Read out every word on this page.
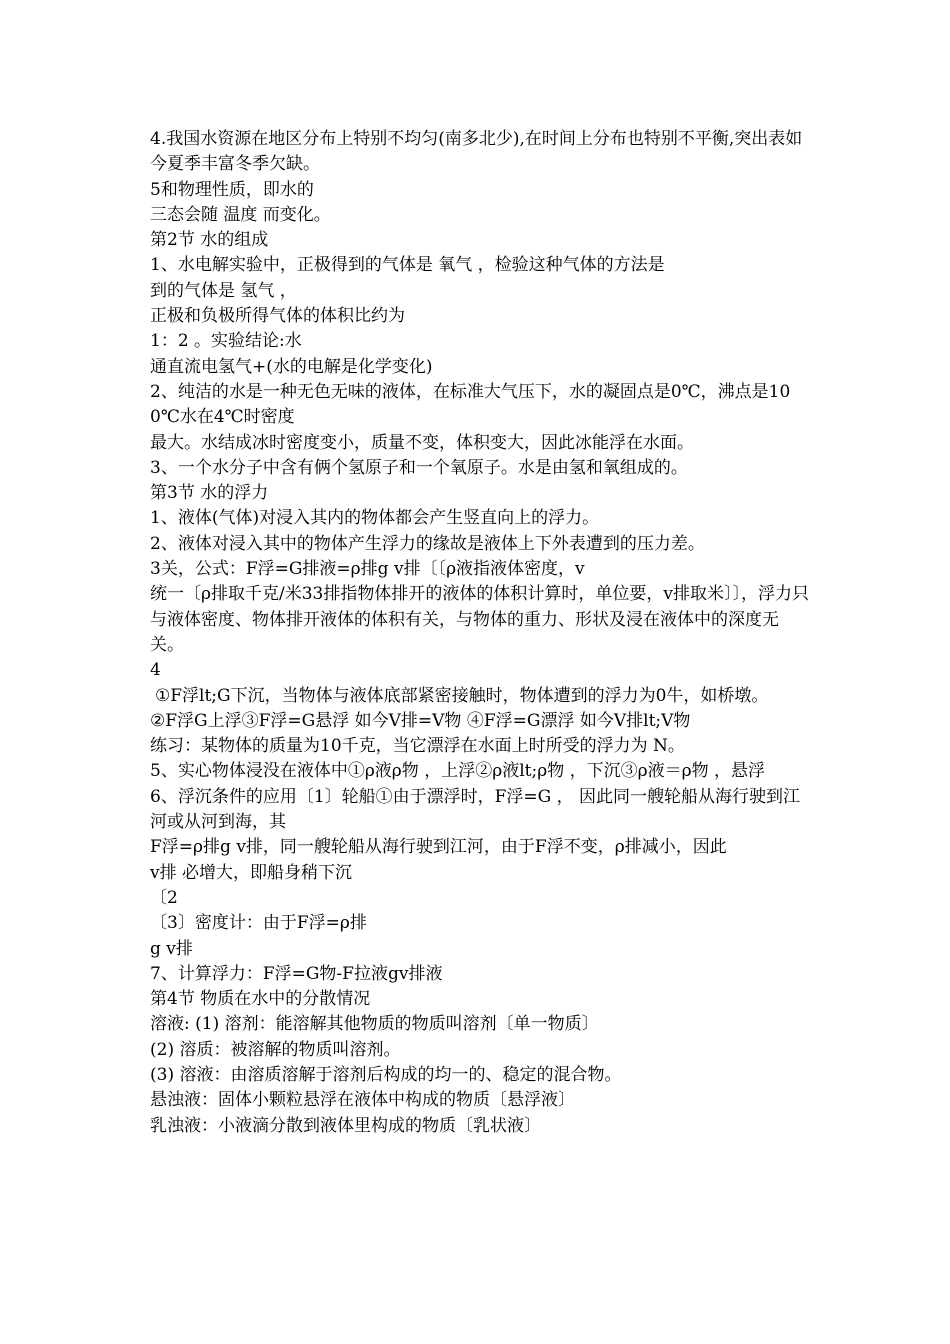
4.我国水资源在地区分布上特别不均匀(南多北少),在时间上分布也特别不平衡,突出表如今夏季丰富冬季欠缺。

5和物理性质，即水的

三态会随 温度 而变化。

第2节 水的组成

1、水电解实验中，正极得到的气体是 氧气 ，检验这种气体的方法是

到的气体是 氢气 ，

正极和负极所得气体的体积比约为

1：2 。实验结论:水

通直流电氢气+(水的电解是化学变化)

2、纯洁的水是一种无色无味的液体，在标准大气压下，水的凝固点是0℃，沸点是100℃水在4℃时密度

最大。水结成冰时密度变小，质量不变，体积变大，因此冰能浮在水面。

3、一个水分子中含有俩个氢原子和一个氧原子。水是由氢和氧组成的。

第3节 水的浮力

1、液体(气体)对浸入其内的物体都会产生竖直向上的浮力。

2、液体对浸入其中的物体产生浮力的缘故是液体上下外表遭到的压力差。

3关，公式：F浮=G排液=ρ排g v排〔〔ρ液指液体密度，v

统一〔ρ排取千克/米33排指物体排开的液体的体积计算时，单位要，v排取米〕〕，浮力只与液体密度、物体排开液体的体积有关，与物体的重力、形状及浸在液体中的深度无关。

4

①F浮lt;G下沉，当物体与液体底部紧密接触时，物体遭到的浮力为0牛，如桥墩。

②F浮G上浮③F浮=G悬浮 如今V排=V物 ④F浮=G漂浮 如今V排lt;V物

练习：某物体的质量为10千克，当它漂浮在水面上时所受的浮力为 N。

5、实心物体浸没在液体中①ρ液ρ物 ，上浮②ρ液lt;ρ物 ，下沉③ρ液＝ρ物 ，悬浮

6、浮沉条件的应用〔1〕轮船①由于漂浮时，F浮=G ， 因此同一艘轮船从海行驶到江河或从河到海，其

F浮=ρ排g v排，同一艘轮船从海行驶到江河，由于F浮不变，ρ排减小，因此

v排 必增大，即船身稍下沉

〔2

〔3〕密度计：由于F浮=ρ排

g v排

7、计算浮力：F浮=G物-F拉液gv排液

第4节 物质在水中的分散情况

溶液: (1) 溶剂：能溶解其他物质的物质叫溶剂〔单一物质〕

(2) 溶质：被溶解的物质叫溶剂。

(3) 溶液：由溶质溶解于溶剂后构成的均一的、稳定的混合物。

悬浊液：固体小颗粒悬浮在液体中构成的物质〔悬浮液〕

乳浊液：小液滴分散到液体里构成的物质〔乳状液〕
